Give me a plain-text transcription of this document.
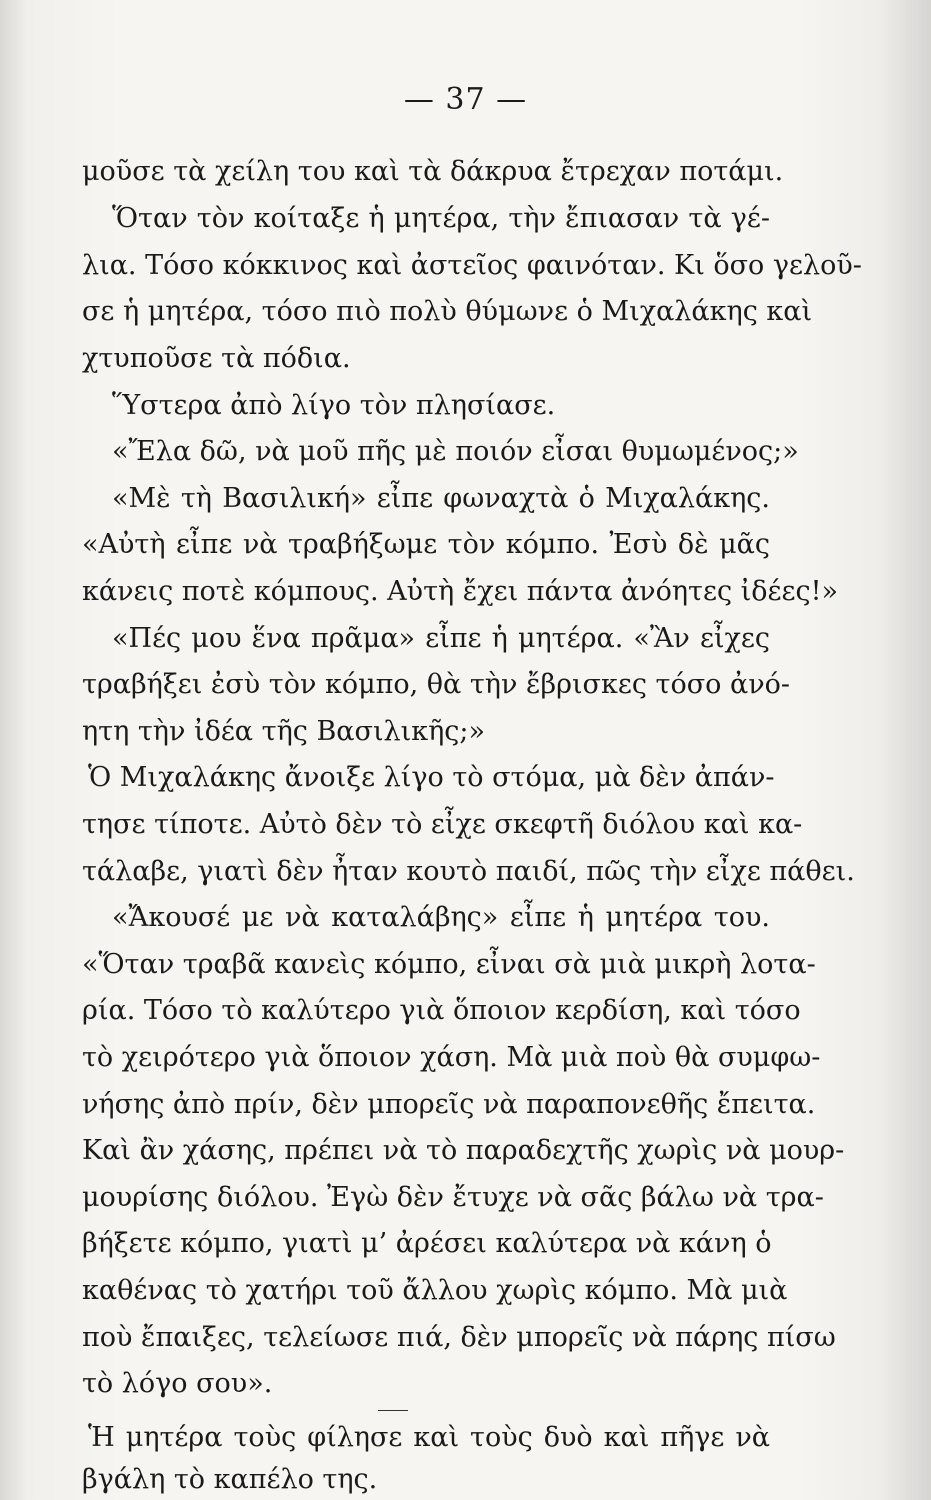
— 37 —
μοῦσε τὰ χείλη του καὶ τὰ δάκρυα ἔτρεχαν ποτάμι.
Ὅταν τὸν κοίταξε ἡ μητέρα, τὴν ἔπιασαν τὰ γέ-
λια. Τόσο κόκκινος καὶ ἀστεῖος φαινόταν. Κι ὅσο γελοῦ-
σε ἡ μητέρα, τόσο πιὸ πολὺ θύμωνε ὁ Μιχαλάκης καὶ
χτυποῦσε τὰ πόδια.
Ὕστερα ἀπὸ λίγο τὸν πλησίασε.
«Ἔλα δῶ, νὰ μοῦ πῆς μὲ ποιόν εἶσαι θυμωμένος;»
«Μὲ τὴ Βασιλική» εἶπε φωναχτὰ ὁ Μιχαλάκης.
«Αὐτὴ εἶπε νὰ τραβήξωμε τὸν κόμπο. Ἐσὺ δὲ μᾶς
κάνεις ποτὲ κόμπους. Αὐτὴ ἔχει πάντα ἀνόητες ἰδέες!»
«Πές μου ἕνα πρᾶμα» εἶπε ἡ μητέρα. «Ἂν εἶχες
τραβήξει ἐσὺ τὸν κόμπο, θὰ τὴν ἔβρισκες τόσο ἀνό-
ητη τὴν ἰδέα τῆς Βασιλικῆς;»
Ὁ Μιχαλάκης ἄνοιξε λίγο τὸ στόμα, μὰ δὲν ἀπάν-
τησε τίποτε. Αὐτὸ δὲν τὸ εἶχε σκεφτῆ διόλου καὶ κα-
τάλαβε, γιατὶ δὲν ἦταν κουτὸ παιδί, πῶς τὴν εἶχε πάθει.
«Ἄκουσέ με νὰ καταλάβης» εἶπε ἡ μητέρα του.
«Ὅταν τραβᾶ κανεὶς κόμπο, εἶναι σὰ μιὰ μικρὴ λοτα-
ρία. Τόσο τὸ καλύτερο γιὰ ὅποιον κερδίση, καὶ τόσο
τὸ χειρότερο γιὰ ὅποιον χάση. Μὰ μιὰ ποὺ θὰ συμφω-
νήσης ἀπὸ πρίν, δὲν μπορεῖς νὰ παραπονεθῆς ἔπειτα.
Καὶ ἂν χάσης, πρέπει νὰ τὸ παραδεχτῆς χωρὶς νὰ μουρ-
μουρίσης διόλου. Ἐγὼ δὲν ἔτυχε νὰ σᾶς βάλω νὰ τρα-
βήξετε κόμπο, γιατὶ μ’ ἀρέσει καλύτερα νὰ κάνη ὁ
καθένας τὸ χατήρι τοῦ ἄλλου χωρὶς κόμπο. Μὰ μιὰ
ποὺ ἔπαιξες, τελείωσε πιά, δὲν μπορεῖς νὰ πάρης πίσω
τὸ λόγο σου».
Ἡ μητέρα τοὺς φίλησε καὶ τοὺς δυὸ καὶ πῆγε νὰ
βγάλη τὸ καπέλο της.
